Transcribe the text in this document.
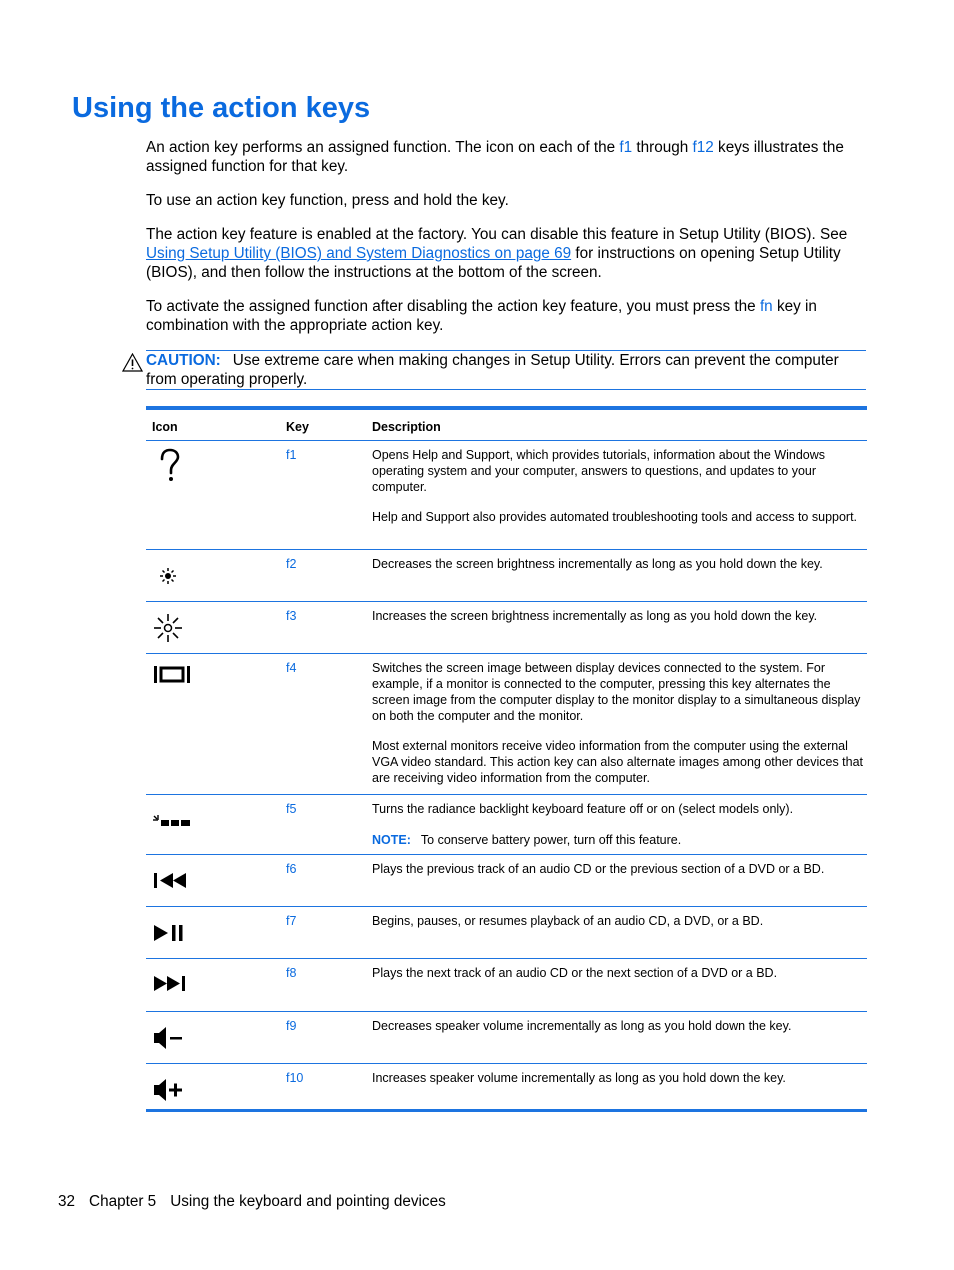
Using the action keys

An action key performs an assigned function. The icon on each of the f1 through f12 keys illustrates the assigned function for that key.

To use an action key function, press and hold the key.

The action key feature is enabled at the factory. You can disable this feature in Setup Utility (BIOS). See Using Setup Utility (BIOS) and System Diagnostics on page 69 for instructions on opening Setup Utility (BIOS), and then follow the instructions at the bottom of the screen.

To activate the assigned function after disabling the action key feature, you must press the fn key in combination with the appropriate action key.

CAUTION: Use extreme care when making changes in Setup Utility. Errors can prevent the computer from operating properly.

Icon	Key	Description
f1	Opens Help and Support, which provides tutorials, information about the Windows operating system and your computer, answers to questions, and updates to your computer.

Help and Support also provides automated troubleshooting tools and access to support.

f2	Decreases the screen brightness incrementally as long as you hold down the key.

f3	Increases the screen brightness incrementally as long as you hold down the key.

f4	Switches the screen image between display devices connected to the system. For example, if a monitor is connected to the computer, pressing this key alternates the screen image from the computer display to the monitor display to a simultaneous display on both the computer and the monitor.

Most external monitors receive video information from the computer using the external VGA video standard. This action key can also alternate images among other devices that are receiving video information from the computer.

f5	Turns the radiance backlight keyboard feature off or on (select models only).

NOTE: To conserve battery power, turn off this feature.

f6	Plays the previous track of an audio CD or the previous section of a DVD or a BD.

f7	Begins, pauses, or resumes playback of an audio CD, a DVD, or a BD.

f8	Plays the next track of an audio CD or the next section of a DVD or a BD.

f9	Decreases speaker volume incrementally as long as you hold down the key.

f10	Increases speaker volume incrementally as long as you hold down the key.

32 Chapter 5 Using the keyboard and pointing devices
